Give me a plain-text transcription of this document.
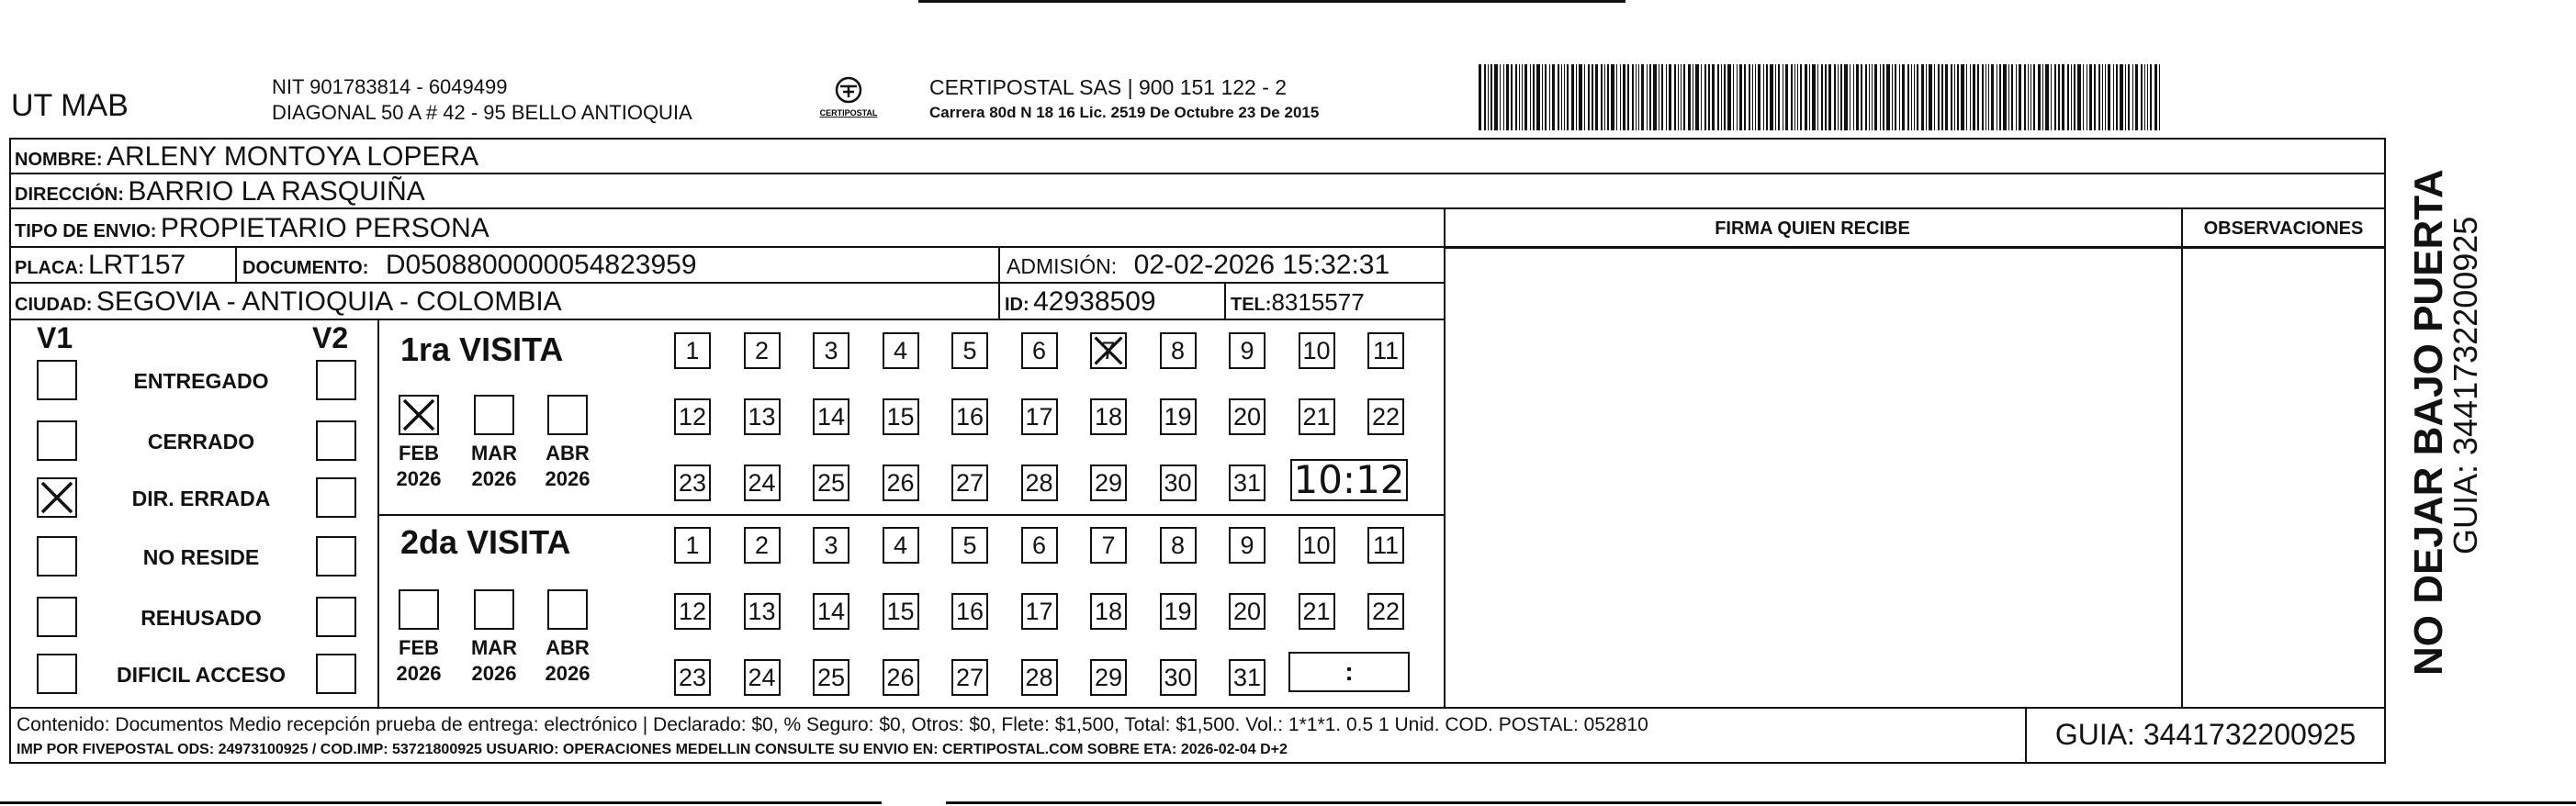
UT MAB
NIT 901783814 - 6049499
DIAGONAL 50 A # 42 - 95 BELLO ANTIOQUIA	CERTIPOSTAL
CERTIPOSTAL SAS | 900 151 122 - 2
Carrera 80d N 18 16 Lic. 2519 De Octubre 23 De 2015
NOMBRE: ARLENY MONTOYA LOPERA
DIRECCIÓN: BARRIO LA RASQUIÑA
TIPO DE ENVIO: PROPIETARIO PERSONA	FIRMA QUIEN RECIBE	OBSERVACIONES
PLACA: LRT157	DOCUMENTO: D0508800000054823959	ADMISIÓN: 02-02-2026 15:32:31
CIUDAD: SEGOVIA - ANTIOQUIA - COLOMBIA	ID: 42938509	TEL:8315577
V1	V2
ENTREGADO
CERRADO
DIR. ERRADA
NO RESIDE
REHUSADO
DIFICIL ACCESO
1ra VISITA
FEB
2026
MAR
2026
ABR
2026
1	2	3	4	5	6	7	8	9	10 11
12 13 14 15 16 17 18 19 20 21 22
23 24 25 26 27 28 29 30 31 10:12
2da VISITA
FEB
2026
MAR
2026
ABR
2026
1	2	3	4	5	6	7	8	9	10 11
12 13 14 15 16 17 18 19 20 21 22
23 24 25 26 27 28 29 30 31	:
Contenido: Documentos Medio recepción prueba de entrega: electrónico | Declarado: $0, % Seguro: $0, Otros: $0, Flete: $1,500, Total: $1,500. Vol.: 1*1*1. 0.5 1 Unid. COD. POSTAL: 052810
IMP POR FIVEPOSTAL ODS: 24973100925 / COD.IMP: 53721800925 USUARIO: OPERACIONES MEDELLIN CONSULTE SU ENVIO EN: CERTIPOSTAL.COM SOBRE ETA: 2026-02-04 D+2	GUIA: 3441732200925
NO DEJAR BAJO PUERTA
GUIA: 3441732200925
